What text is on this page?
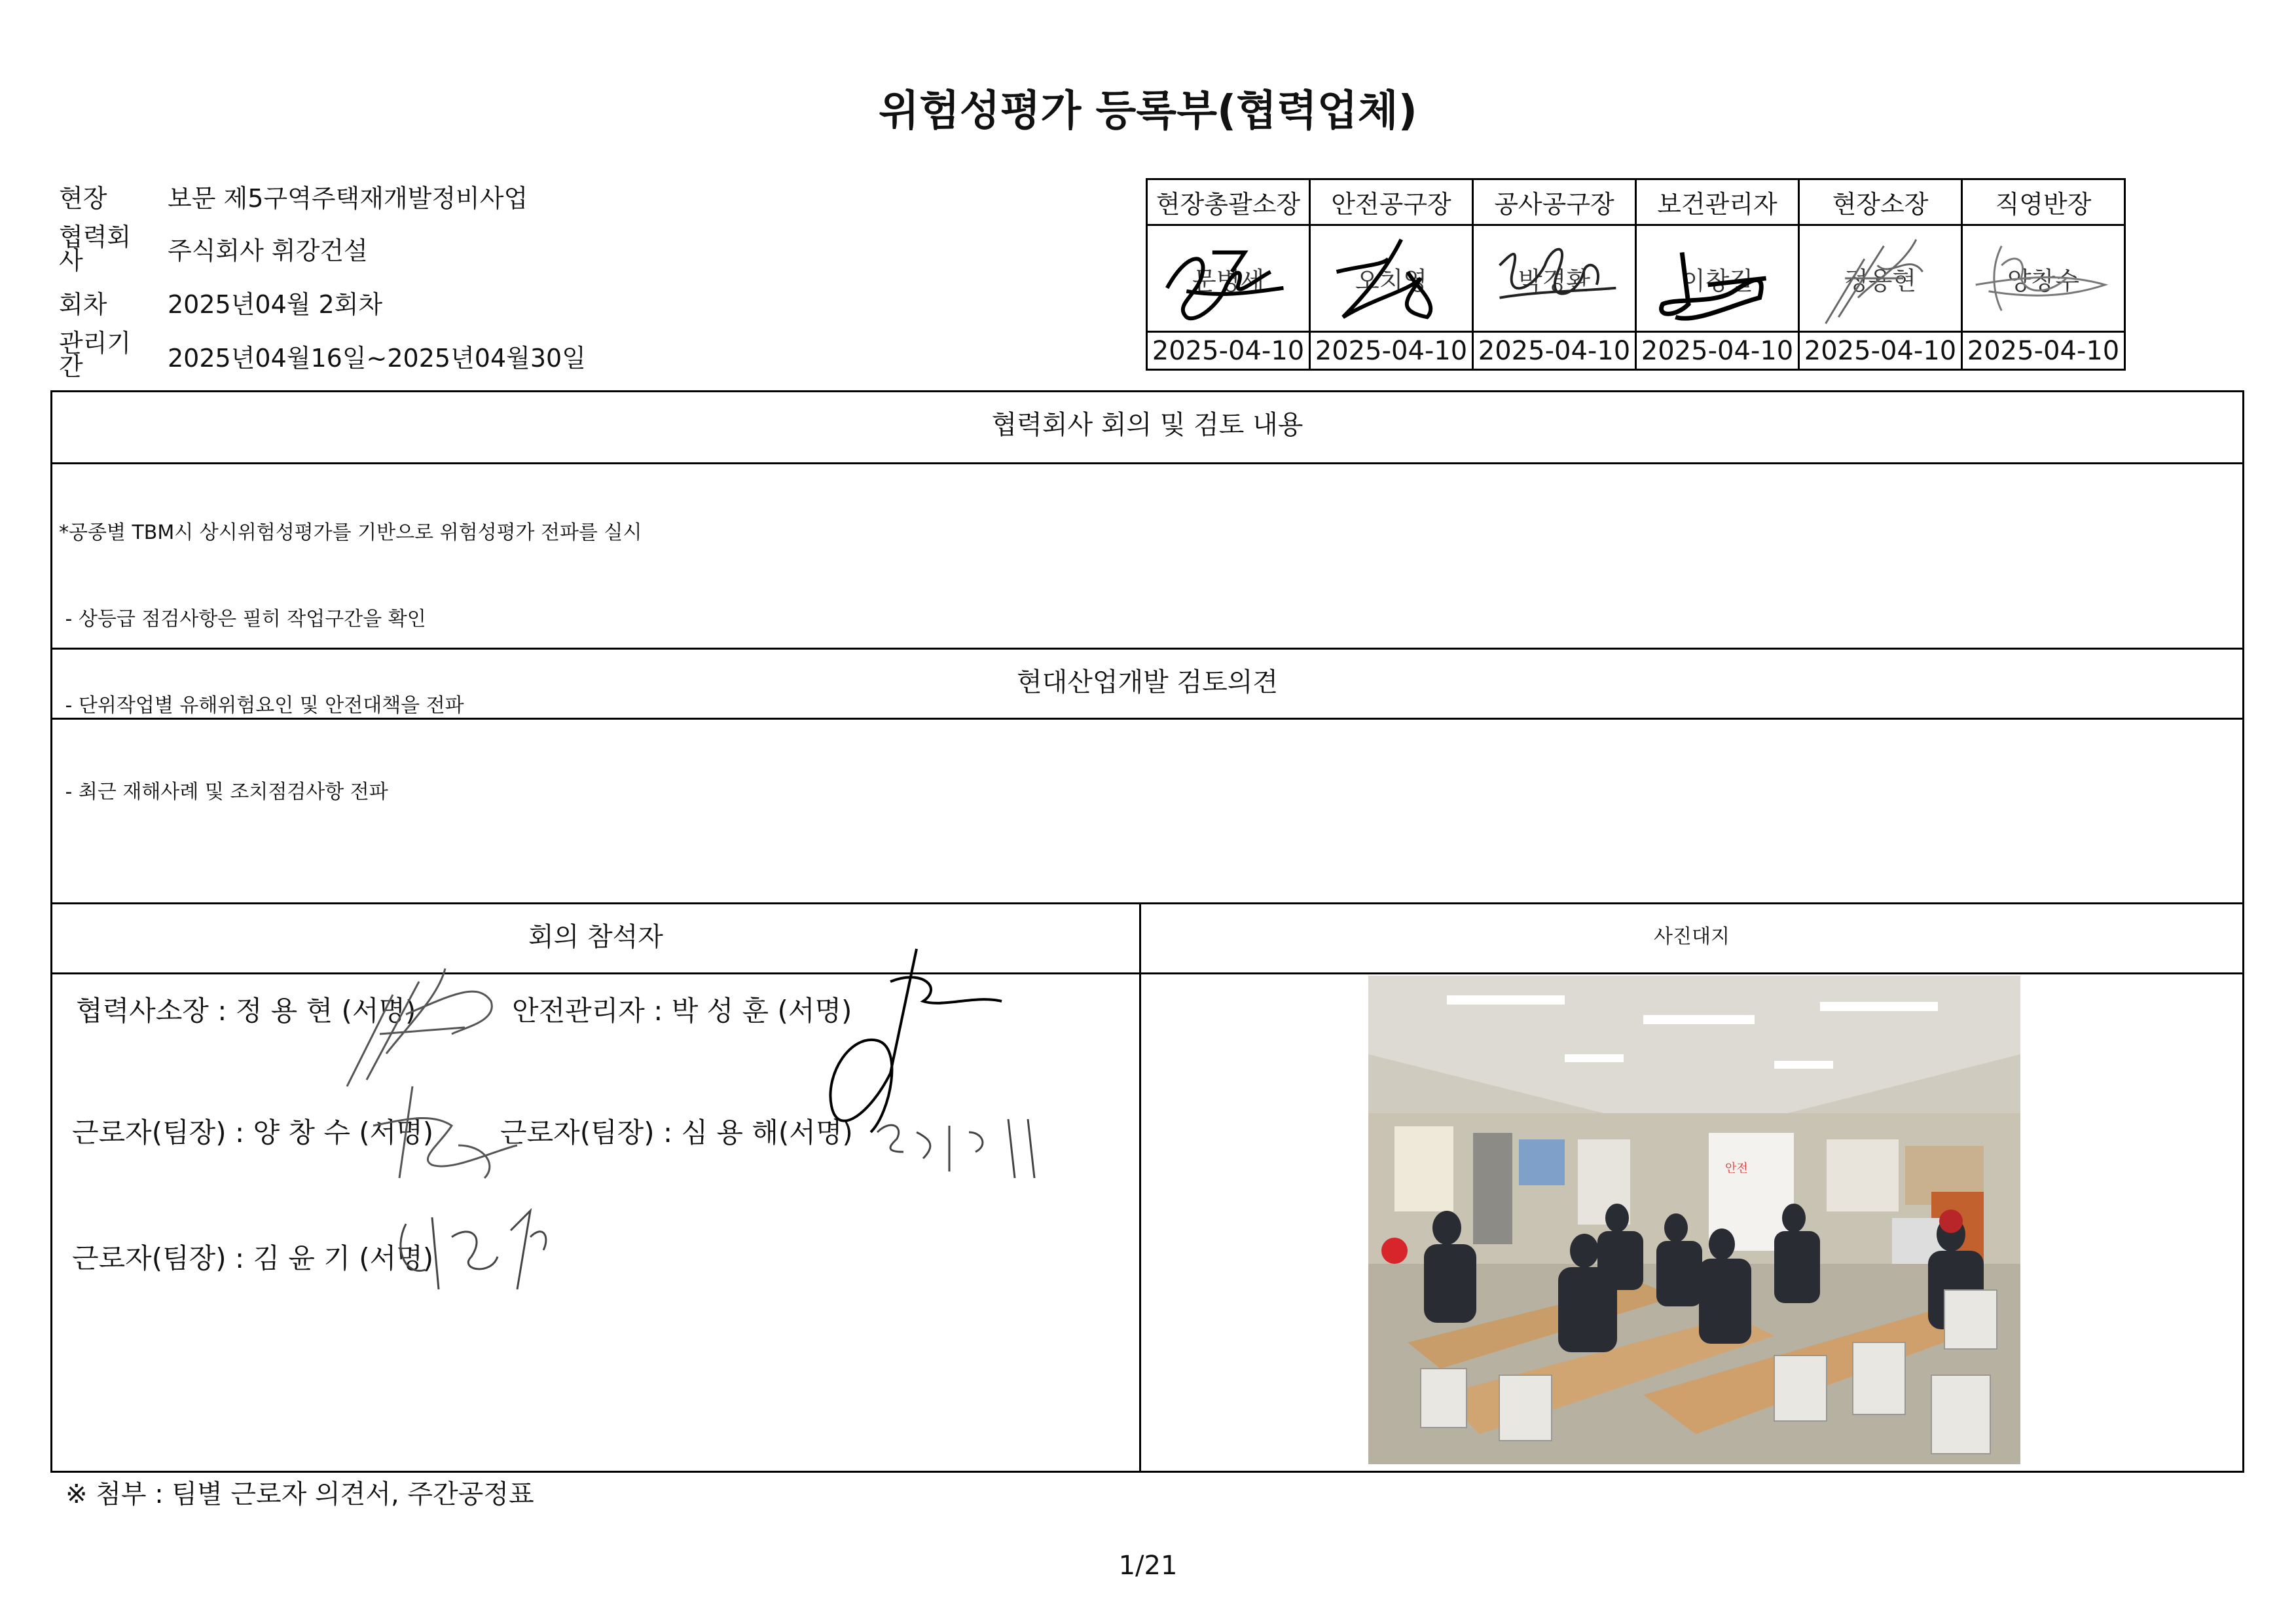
위험성평가 등록부(협력업체)
현장 보문 제5구역주택재개발정비사업
협력회
사	주식회사 휘강건설
회차 2025년04월 2회차
관리기
간	2025년04월16일~2025년04월30일
현장총괄소장	안전공구장	공사공구장	보건관리자	현장소장	직영반장
문병세	오치영	박경환	이창길	정용현	양창수

2025-04-10	2025-04-10	2025-04-10	2025-04-10	2025-04-10	2025-04-10
협력회사 회의 및 검토 내용

*공종별 TBM시 상시위험성평가를 기반으로 위험성평가 전파를 실시

- 상등급 점검사항은 필히 작업구간을 확인

- 단위작업별 유해위험요인 및 안전대책을 전파

- 최근 재해사례 및 조치점검사항 전파

현대산업개발 검토의견
회의 참석자	사진대지
협력사소장 : 정 용 현 (서명)	안전관리자 : 박 성 훈 (서명)
근로자(팀장) : 양 창 수 (서명) 근로자(팀장) : 심 용 해(서명)
근로자(팀장) : 김 윤 기 (서명)
안전
※ 첨부 : 팀별 근로자 의견서, 주간공정표
1/21
